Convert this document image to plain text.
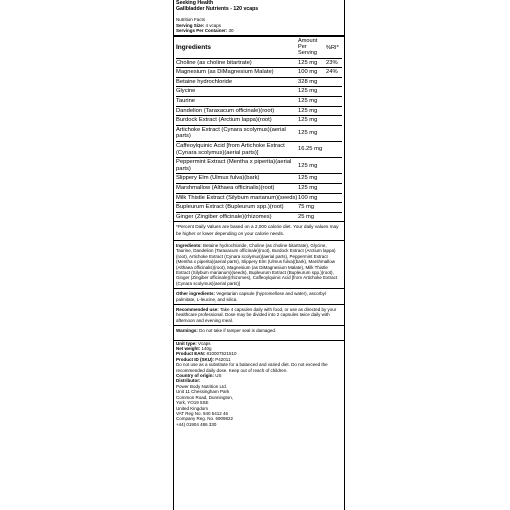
Seeking Health
Gallbladder Nutrients - 120 vcaps
Nutrition Facts
Serving Size: 4 vcaps
Servings Per Container: 30
Ingredients	Amount Per Serving	%RI*
Choline (as choline bitartrate)	125 mg	23%
Magnesium (as DiMagnesium Malate)	100 mg	24%
Betaine hydrochloride	328 mg	
Glycine	125 mg	
Taurine	125 mg	
Dandelion (Taraxacum officinale)(root)	125 mg	
Burdock Extract (Arctium lappa)(root)	125 mg	
Artichoke Extract (Cynara scolymus)(aerial parts)	125 mg	
Caffeoylquinic Acid [from Artichoke Extract (Cynara scolymus)(aerial parts)]	16.25 mg	
Peppermint Extract (Mentha x piperita)(aerial parts)	125 mg	
Slippery Elm (Ulmus fulva)(bark)	125 mg	
Marshmallow (Althaea officinalis)(root)	125 mg	
Milk Thistle Extract (Silybum marianum)(seeds)	100 mg	
Bupleurum Extract (Bupleurum spp.)(root)	75 mg	
Ginger (Zingiber officinale)(rhizomes)	25 mg	
*Percent Daily Values are based on a 2,000 calorie diet. Your daily values may be higher or lower depending on your calorie needs.
Ingredients: Betaine hydrochloride, Choline (as choline bitartrate), Glycine, Taurine, Dandelion (Taraxacum officinale)(root), Burdock Extract (Arctium lappa)(root), Artichoke Extract (Cynara scolymus)(aerial parts), Peppermint Extract (Mentha x piperita)(aerial parts), Slippery Elm (Ulmus fulva)(bark), Marshmallow (Althaea officinalis)(root), Magnesium (as DiMagnesium Malate), Milk Thistle Extract (Silybum marianum)(seeds), Bupleurum Extract (Bupleurum spp.)(root), Ginger (Zingiber officinale)(rhizomes), Caffeoylquinic Acid [from Artichoke Extract (Cynara scolymus)(aerial parts)]
Other ingredients: Vegetarian capsule (hypromellose and water), ascorbyl palmitate, L-leucine, and silica.
Recommended use: Take 4 capsules daily with food, or use as directed by your healthcare professional. Dose may be divided into 2 capsules twice daily with afternoon and evening meal.
Warnings: Do not take if tamper seal is damaged.
Unit type: Vcaps
Net weight: 140g
Product EAN: 810007521510
Product ID (SKU): P42011
Do not use as a substitute for a balanced and varied diet. Do not exceed the recommended daily dose. Keep out of reach of children.
Country of origin: US
Distributor:
Power Body Nutrition Ltd.
Unit 11 Chessingham Park
Common Road, Dunnington,
York, YO19 5SE
United Kingdom
VAT Reg No. 940 5412 46
Company Reg. No. 6909822
+44) 01904 486 330
